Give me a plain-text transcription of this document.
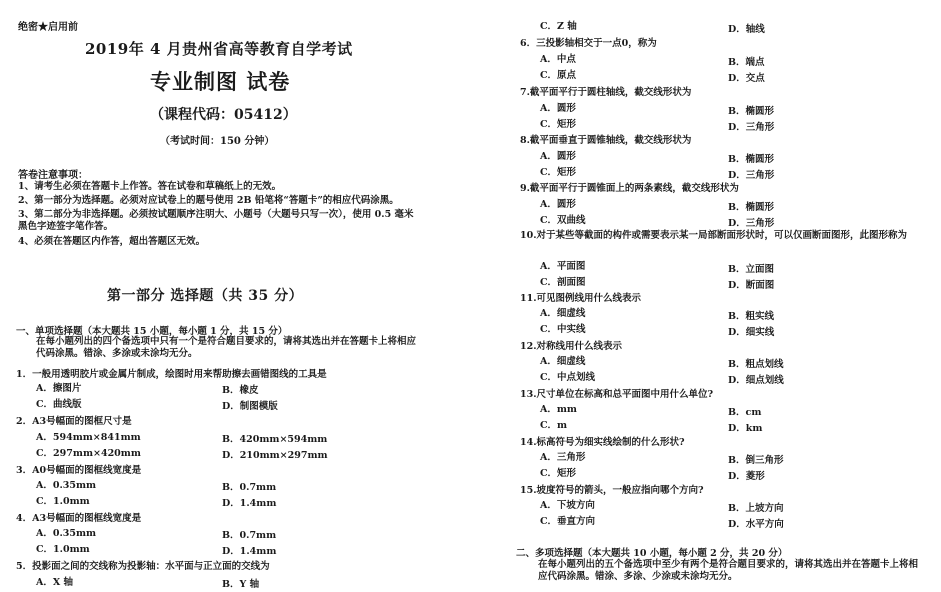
绝密★启用前
2019年 4 月贵州省高等教育自学考试
专业制图 试卷
（课程代码：05412）
（考试时间：150 分钟）
答卷注意事项：
1、请考生必须在答题卡上作答。答在试卷和草稿纸上的无效。
2、第一部分为选择题。必须对应试卷上的题号使用 2B 铅笔将“答题卡”的相应代码涂黑。
3、第二部分为非选择题。必须按试题顺序注明大、小题号（大题号只写一次），使用 0.5 毫米黑色字迹签字笔作答。
4、必须在答题区内作答，超出答题区无效。
第一部分 选择题（共 35 分）
一、单项选择题（本大题共 15 小题，每小题 1 分，共 15 分）
在每小题列出的四个备选项中只有一个是符合题目要求的，请将其选出并在答题卡上将相应代码涂黑。错涂、多涂或未涂均无分。
1．一般用透明胶片或金属片制成，绘图时用来帮助擦去画错图线的工具是
A．擦图片	B．橡皮
C．曲线版	D．制图模版
2．A3号幅面的图框尺寸是
A．594mm×841mm	B．420mm×594mm
C．297mm×420mm	D．210mm×297mm
3．A0号幅面的图框线宽度是
A．0.35mm	B．0.7mm
C．1.0mm	D．1.4mm
4．A3号幅面的图框线宽度是
A．0.35mm	B．0.7mm
C．1.0mm	D．1.4mm
5．投影面之间的交线称为投影轴：水平面与正立面的交线为
A．X 轴	B．Y 轴
C．Z 轴	D．轴线
6．三投影轴相交于一点0，称为
A．中点	B．端点
C．原点	D．交点
7.截平面平行于圆柱轴线，截交线形状为
A．圆形	B．椭圆形
C．矩形	D．三角形
8.截平面垂直于圆锥轴线，截交线形状为
A．圆形	B．椭圆形
C．矩形	D．三角形
9.截平面平行于圆锥面上的两条素线，截交线形状为
A．圆形	B．椭圆形
C．双曲线	D．三角形
10.对于某些等截面的构件或需要表示某一局部断面形状时，可以仅画断面图形，此图形称为
A．平面图	B．立面图
C．剖面图	D．断面图
11.可见图例线用什么线表示
A．细虚线	B．粗实线
C．中实线	D．细实线
12.对称线用什么线表示
A．细虚线	B．粗点划线
C．中点划线	D．细点划线
13.尺寸单位在标高和总平面图中用什么单位?
A．mm	B．cm
C．m	D．km
14.标高符号为细实线绘制的什么形状?
A．三角形	B．倒三角形
C．矩形	D．菱形
15.坡度符号的箭头，一般应指向哪个方向?
A．下坡方向	B．上坡方向
C．垂直方向	D．水平方向
二、多项选择题（本大题共 10 小题，每小题 2 分，共 20 分）
在每小题列出的五个备选项中至少有两个是符合题目要求的，请将其选出并在答题卡上将相应代码涂黑。错涂、多涂、少涂或未涂均无分。
